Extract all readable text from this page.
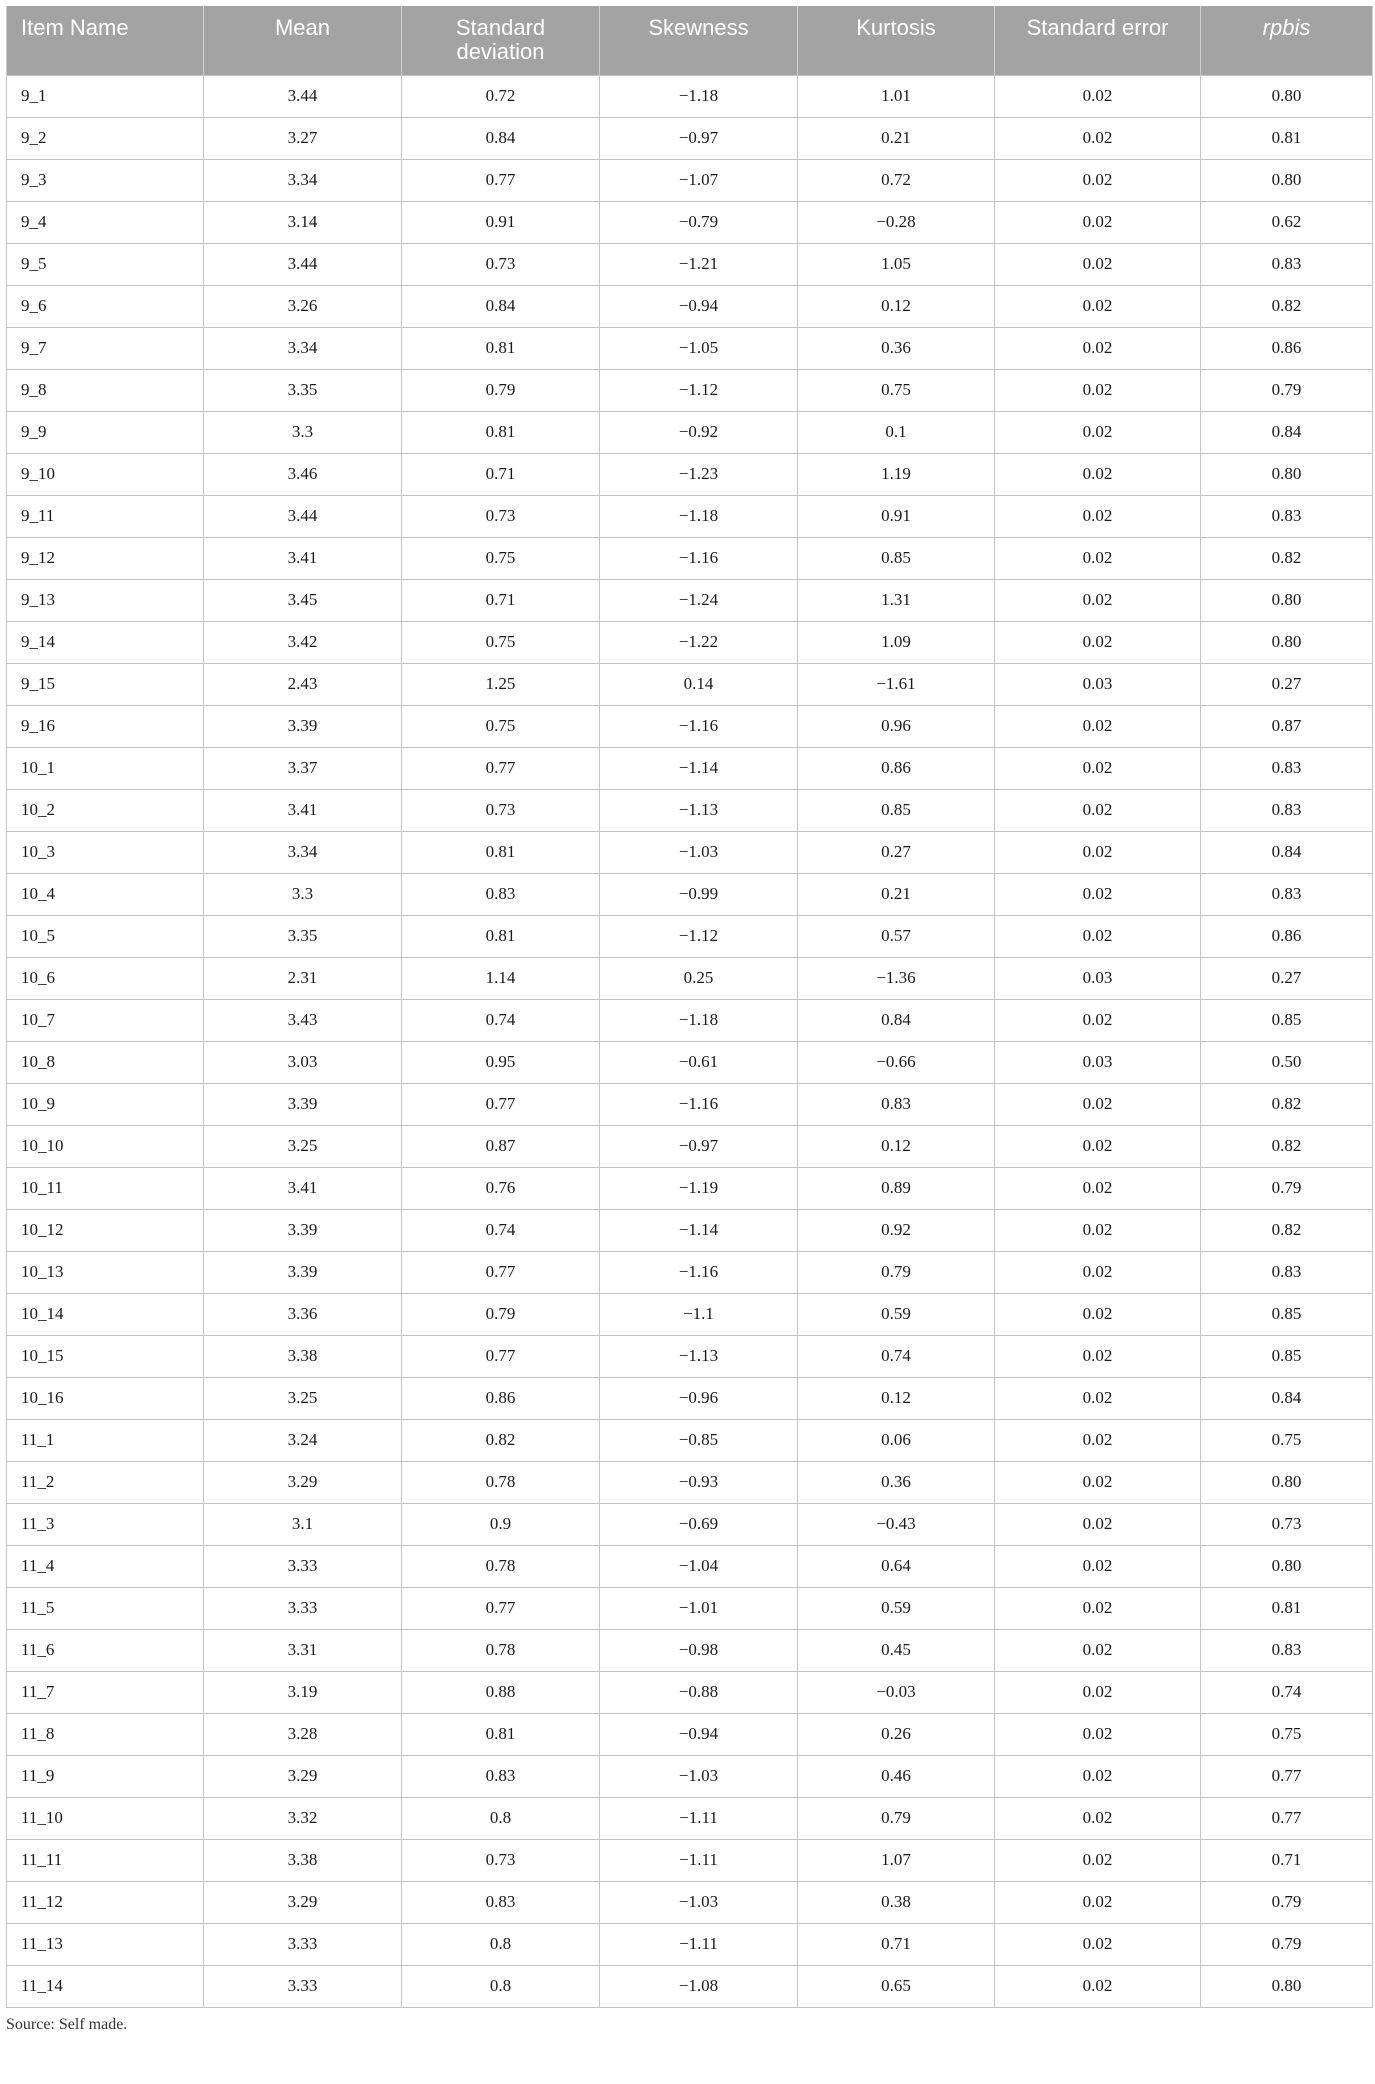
Item Name	Mean	Standard deviation	Skewness	Kurtosis	Standard error	rpbis
9_1	3.44	0.72	−1.18	1.01	0.02	0.80
9_2	3.27	0.84	−0.97	0.21	0.02	0.81
9_3	3.34	0.77	−1.07	0.72	0.02	0.80
9_4	3.14	0.91	−0.79	−0.28	0.02	0.62
9_5	3.44	0.73	−1.21	1.05	0.02	0.83
9_6	3.26	0.84	−0.94	0.12	0.02	0.82
9_7	3.34	0.81	−1.05	0.36	0.02	0.86
9_8	3.35	0.79	−1.12	0.75	0.02	0.79
9_9	3.3	0.81	−0.92	0.1	0.02	0.84
9_10	3.46	0.71	−1.23	1.19	0.02	0.80
9_11	3.44	0.73	−1.18	0.91	0.02	0.83
9_12	3.41	0.75	−1.16	0.85	0.02	0.82
9_13	3.45	0.71	−1.24	1.31	0.02	0.80
9_14	3.42	0.75	−1.22	1.09	0.02	0.80
9_15	2.43	1.25	0.14	−1.61	0.03	0.27
9_16	3.39	0.75	−1.16	0.96	0.02	0.87
10_1	3.37	0.77	−1.14	0.86	0.02	0.83
10_2	3.41	0.73	−1.13	0.85	0.02	0.83
10_3	3.34	0.81	−1.03	0.27	0.02	0.84
10_4	3.3	0.83	−0.99	0.21	0.02	0.83
10_5	3.35	0.81	−1.12	0.57	0.02	0.86
10_6	2.31	1.14	0.25	−1.36	0.03	0.27
10_7	3.43	0.74	−1.18	0.84	0.02	0.85
10_8	3.03	0.95	−0.61	−0.66	0.03	0.50
10_9	3.39	0.77	−1.16	0.83	0.02	0.82
10_10	3.25	0.87	−0.97	0.12	0.02	0.82
10_11	3.41	0.76	−1.19	0.89	0.02	0.79
10_12	3.39	0.74	−1.14	0.92	0.02	0.82
10_13	3.39	0.77	−1.16	0.79	0.02	0.83
10_14	3.36	0.79	−1.1	0.59	0.02	0.85
10_15	3.38	0.77	−1.13	0.74	0.02	0.85
10_16	3.25	0.86	−0.96	0.12	0.02	0.84
11_1	3.24	0.82	−0.85	0.06	0.02	0.75
11_2	3.29	0.78	−0.93	0.36	0.02	0.80
11_3	3.1	0.9	−0.69	−0.43	0.02	0.73
11_4	3.33	0.78	−1.04	0.64	0.02	0.80
11_5	3.33	0.77	−1.01	0.59	0.02	0.81
11_6	3.31	0.78	−0.98	0.45	0.02	0.83
11_7	3.19	0.88	−0.88	−0.03	0.02	0.74
11_8	3.28	0.81	−0.94	0.26	0.02	0.75
11_9	3.29	0.83	−1.03	0.46	0.02	0.77
11_10	3.32	0.8	−1.11	0.79	0.02	0.77
11_11	3.38	0.73	−1.11	1.07	0.02	0.71
11_12	3.29	0.83	−1.03	0.38	0.02	0.79
11_13	3.33	0.8	−1.11	0.71	0.02	0.79
11_14	3.33	0.8	−1.08	0.65	0.02	0.80
Source: Self made.
